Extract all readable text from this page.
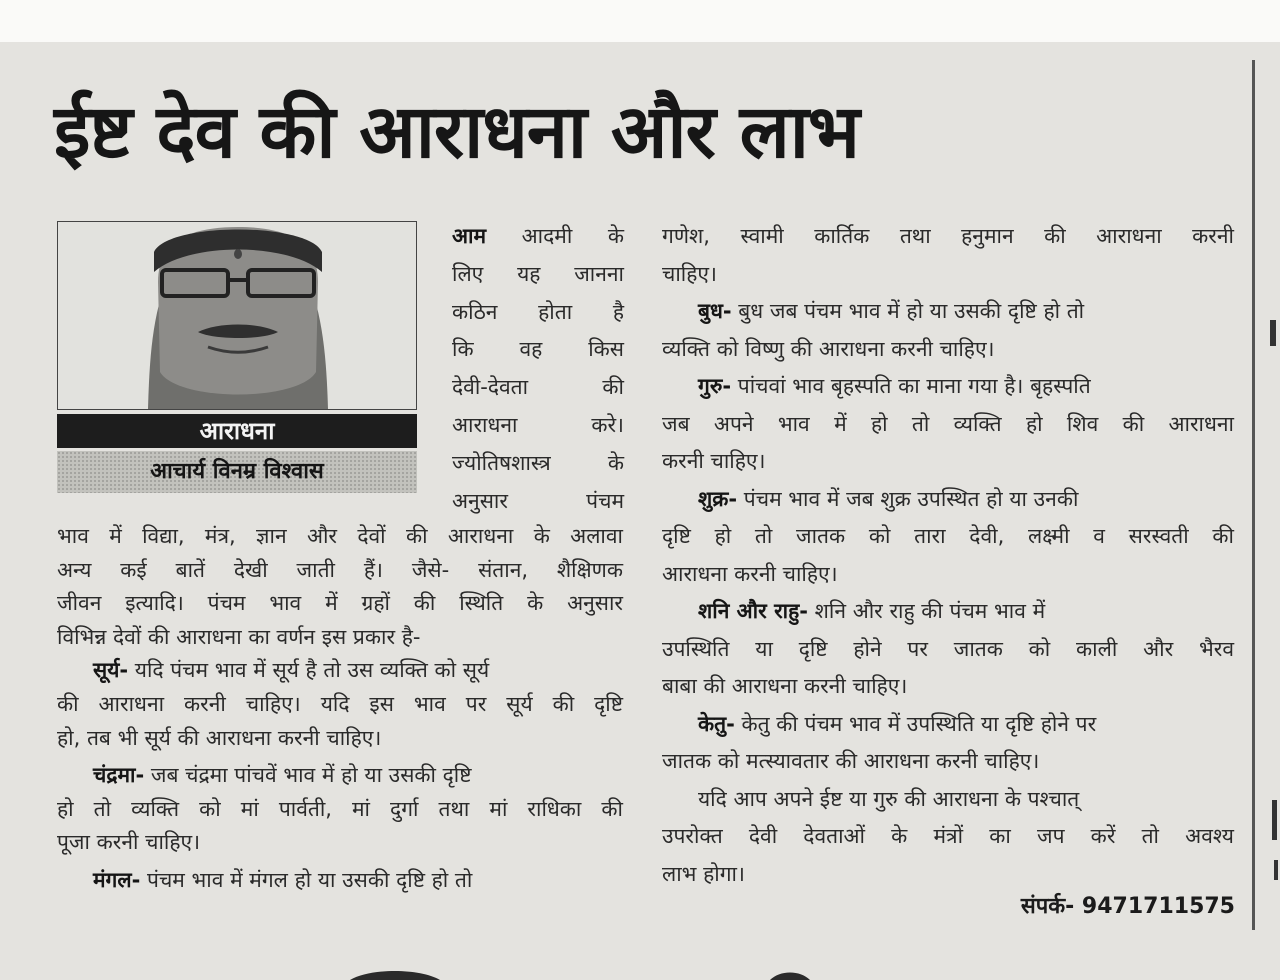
ईष्ट देव की आराधना और लाभ
आराधना
आचार्य विनम्र विश्वास
आम आदमी के
लिए यह जानना
कठिन होता है
कि वह किस
देवी-देवता की
आराधना करे।
ज्योतिषशास्त्र के
अनुसार पंचम
भाव में विद्या, मंत्र, ज्ञान और देवों की आराधना के अलावा
अन्य कई बातें देखी जाती हैं। जैसे- संतान, शैक्षिणक
जीवन इत्यादि। पंचम भाव में ग्रहों की स्थिति के अनुसार
विभिन्न देवों की आराधना का वर्णन इस प्रकार है-
सूर्य- यदि पंचम भाव में सूर्य है तो उस व्यक्ति को सूर्य
की आराधना करनी चाहिए। यदि इस भाव पर सूर्य की दृष्टि
हो, तब भी सूर्य की आराधना करनी चाहिए।
चंद्रमा- जब चंद्रमा पांचवें भाव में हो या उसकी दृष्टि
हो तो व्यक्ति को मां पार्वती, मां दुर्गा तथा मां राधिका की
पूजा करनी चाहिए।
मंगल- पंचम भाव में मंगल हो या उसकी दृष्टि हो तो
गणेश, स्वामी कार्तिक तथा हनुमान की आराधना करनी
चाहिए।
बुध- बुध जब पंचम भाव में हो या उसकी दृष्टि हो तो
व्यक्ति को विष्णु की आराधना करनी चाहिए।
गुरु- पांचवां भाव बृहस्पति का माना गया है। बृहस्पति
जब अपने भाव में हो तो व्यक्ति हो शिव की आराधना
करनी चाहिए।
शुक्र- पंचम भाव में जब शुक्र उपस्थित हो या उनकी
दृष्टि हो तो जातक को तारा देवी, लक्ष्मी व सरस्वती की
आराधना करनी चाहिए।
शनि और राहु- शनि और राहु की पंचम भाव में
उपस्थिति या दृष्टि होने पर जातक को काली और भैरव
बाबा की आराधना करनी चाहिए।
केतु- केतु की पंचम भाव में उपस्थिति या दृष्टि होने पर
जातक को मत्स्यावतार की आराधना करनी चाहिए।
यदि आप अपने ईष्ट या गुरु की आराधना के पश्चात्
उपरोक्त देवी देवताओं के मंत्रों का जप करें तो अवश्य
लाभ होगा।
संपर्क- 9471711575
